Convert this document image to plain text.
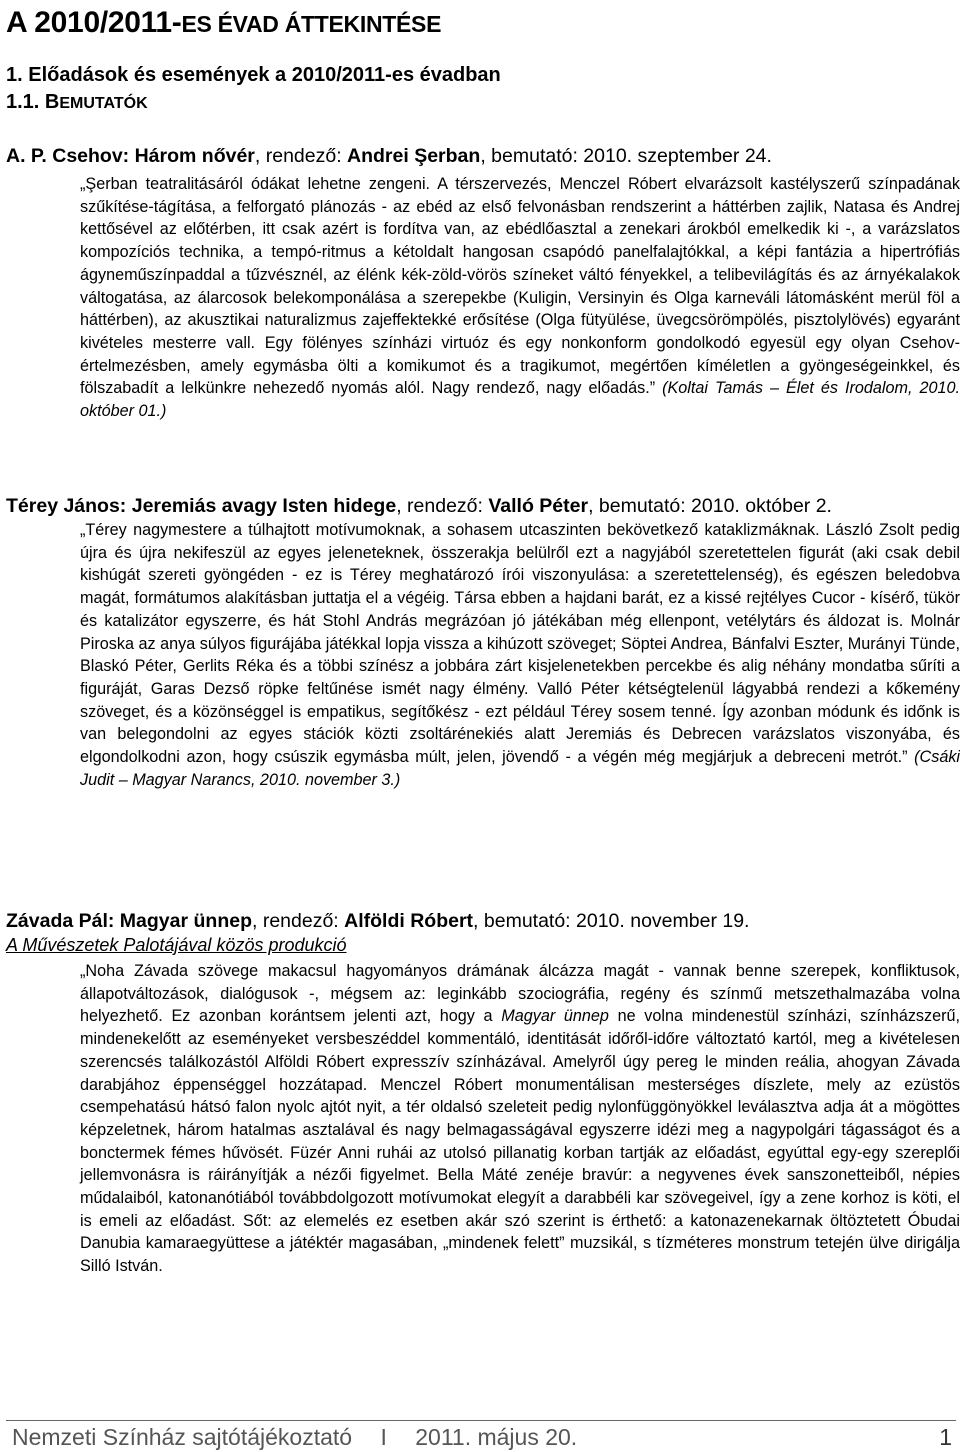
A 2010/2011-ES ÉVAD ÁTTEKINTÉSE
1. Előadások és események a 2010/2011-es évadban
1.1. BEMUTATÓK
A. P. Csehov: Három nővér, rendező: Andrei Şerban, bemutató: 2010. szeptember 24.
„Şerban teatralitásáról ódákat lehetne zengeni. A térszervezés, Menczel Róbert elvarázsolt kastélyszerű színpadának szűkítése-tágítása, a felforgató plánozás - az ebéd az első felvonásban rendszerint a háttérben zajlik, Natasa és Andrej kettősével az előtérben, itt csak azért is fordítva van, az ebédlőasztal a zenekari árokból emelkedik ki -, a varázslatos kompozíciós technika, a tempó-ritmus a kétoldalt hangosan csapódó panelfalajtókkal, a képi fantázia a hipertrófiás ágyneműszínpaddal a tűzvésznél, az élénk kék-zöld-vörös színeket váltó fényekkel, a telibevilágítás és az árnyékalakok váltogatása, az álarcosok belekomponálása a szerepekbe (Kuligin, Versinyin és Olga karneváli látomásként merül föl a háttérben), az akusztikai naturalizmus zajeffektekké erősítése (Olga fütyülése, üvegcsörömpölés, pisztolylövés) egyaránt kivételes mesterre vall. Egy fölényes színházi virtuóz és egy nonkonform gondolkodó egyesül egy olyan Csehov-értelmezésben, amely egymásba ölti a komikumot és a tragikumot, megértően kíméletlen a gyöngeségeinkkel, és fölszabadít a lelkünkre nehezedő nyomás alól. Nagy rendező, nagy előadás.” (Koltai Tamás – Élet és Irodalom, 2010. október 01.)
Térey János: Jeremiás avagy Isten hidege, rendező: Valló Péter, bemutató: 2010. október 2.
„Térey nagymestere a túlhajtott motívumoknak, a sohasem utcaszinten bekövetkező kataklizmáknak. László Zsolt pedig újra és újra nekifeszül az egyes jeleneteknek, összerakja belülről ezt a nagyjából szeretettelen figurát (aki csak debil kishúgát szereti gyöngéden - ez is Térey meghatározó írói viszonyulása: a szeretettelenség), és egészen beledobva magát, formátumos alakításban juttatja el a végéig. Társa ebben a hajdani barát, ez a kissé rejtélyes Cucor - kísérő, tükör és katalizátor egyszerre, és hát Stohl András megrázóan jó játékában még ellenpont, vetélytárs és áldozat is. Molnár Piroska az anya súlyos figurájába játékkal lopja vissza a kihúzott szöveget; Söptei Andrea, Bánfalvi Eszter, Murányi Tünde, Blaskó Péter, Gerlits Réka és a többi színész a jobbára zárt kisjelenetekben percekbe és alig néhány mondatba sűríti a figuráját, Garas Dezső röpke feltűnése ismét nagy élmény. Valló Péter kétségtelenül lágyabbá rendezi a kőkemény szöveget, és a közönséggel is empatikus, segítőkész - ezt például Térey sosem tenné. Így azonban módunk és időnk is van belegondolni az egyes stációk közti zsoltárénekiés alatt Jeremiás és Debrecen varázslatos viszonyába, és elgondolkodni azon, hogy csúszik egymásba múlt, jelen, jövendő - a végén még megjárjuk a debreceni metrót.” (Csáki Judit – Magyar Narancs, 2010. november 3.)
Závada Pál: Magyar ünnep, rendező: Alföldi Róbert, bemutató: 2010. november 19.
A Művészetek Palotájával közös produkció
„Noha Závada szövege makacsul hagyományos drámának álcázza magát - vannak benne szerepek, konfliktusok, állapotváltozások, dialógusok -, mégsem az: leginkább szociográfia, regény és színmű metszethalmazába volna helyezhető. Ez azonban korántsem jelenti azt, hogy a Magyar ünnep ne volna mindenestül színházi, színházszerű, mindenekelőtt az eseményeket versbeszéddel kommentáló, identitását időről-időre változtató kartól, meg a kivételesen szerencsés találkozástól Alföldi Róbert expresszív színházával. Amelyről úgy pereg le minden reália, ahogyan Závada darabjához éppenséggel hozzátapad. Menczel Róbert monumentálisan mesterséges díszlete, mely az ezüstös csempehatású hátsó falon nyolc ajtót nyit, a tér oldalsó szeleteit pedig nylonfüggönyökkel leválasztva adja át a mögöttes képzeletnek, három hatalmas asztalával és nagy belmagasságával egyszerre idézi meg a nagypolgári tágasságot és a bonctermek fémes hűvösét. Füzér Anni ruhái az utolsó pillanatig korban tartják az előadást, egyúttal egy-egy szereplői jellemvonásra is ráirányítják a nézői figyelmet. Bella Máté zenéje bravúr: a negyvenes évek sanszonetteiből, népies műdalaiból, katonanótiából továbbdolgozott motívumokat elegyít a darabbéli kar szövegeivel, így a zene korhoz is köti, el is emeli az előadást. Sőt: az elemelés ez esetben akár szó szerint is érthető: a katonazenekarnak öltöztetett Óbudai Danubia kamaraegyüttese a játéktér magasában, „mindenek felett” muzsikál, s tízméteres monstrum tetején ülve dirigálja Silló István.
Nemzeti Színház sajtótájékoztató I 2011. május 20.	1
